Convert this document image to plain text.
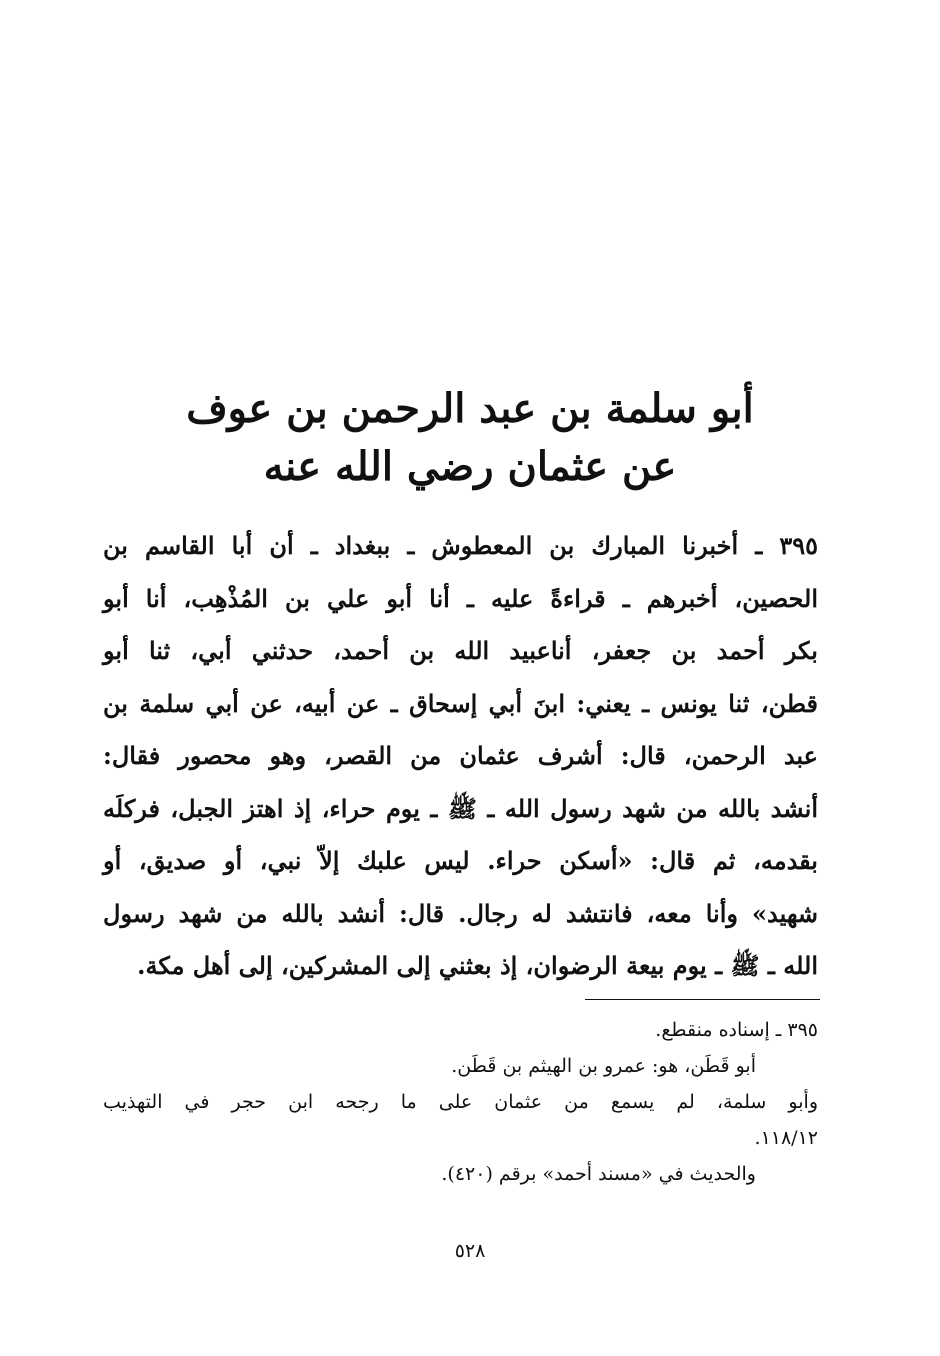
أبو سلمة بن عبد الرحمن بن عوف

عن عثمان رضي الله عنه

٣٩٥ ـ أخبرنا المبارك بن المعطوش ـ ببغداد ـ أن أبا القاسم بن
الحصين، أخبرهم ـ قراءةً عليه ـ أنا أبو علي بن المُذْهِب، أنا أبو
بكر أحمد بن جعفر، أناعبيد الله بن أحمد، حدثني أبي، ثنا أبو
قطن، ثنا يونس ـ يعني: ابنَ أبي إسحاق ـ عن أبيه، عن أبي سلمة بن
عبد الرحمن، قال: أشرف عثمان من القصر، وهو محصور فقال:
أنشد بالله من شهد رسول الله ـ ﷺ ـ يوم حراء، إذ اهتز الجبل، فركلَه
بقدمه، ثم قال: «أسكن حراء. ليس علبك إلاّ نبي، أو صديق، أو
شهيد» وأنا معه، فانتشد له رجال. قال: أنشد بالله من شهد رسول
الله ـ ﷺ ـ يوم بيعة الرضوان، إذ بعثني إلى المشركين، إلى أهل مكة.
٣٩٥ ـ إسناده منقطع.
أبو قَطَن، هو: عمرو بن الهيثم بن قَطَن.
وأبو سلمة، لم يسمع من عثمان على ما رجحه ابن حجر في التهذيب
١١٨/١٢.
والحديث في «مسند أحمد» برقم (٤٢٠).
٥٢٨
